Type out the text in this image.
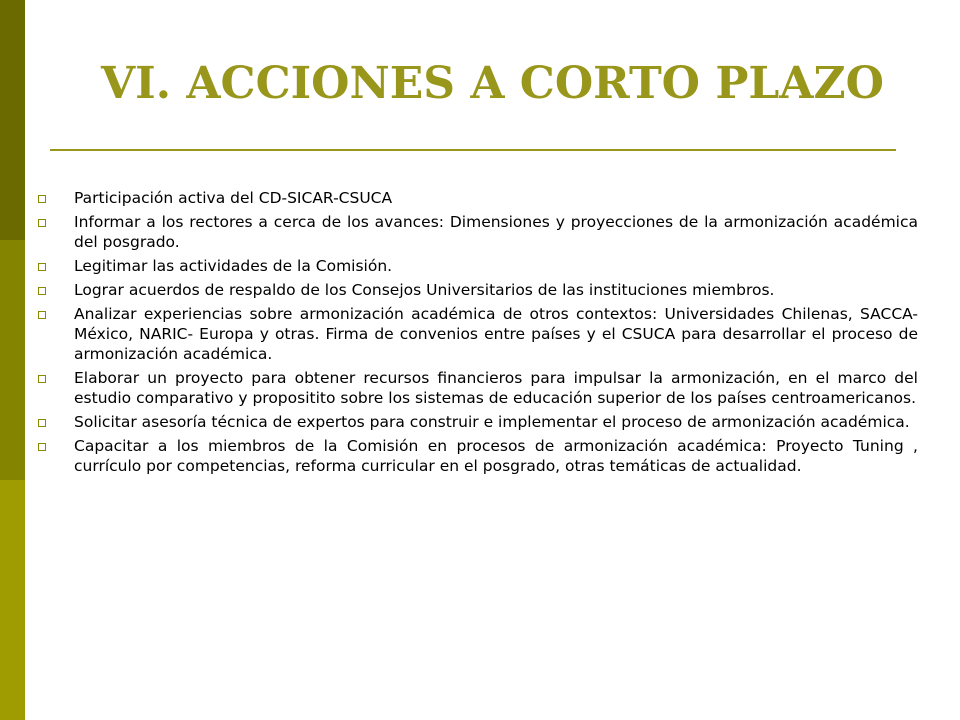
VI. ACCIONES A CORTO PLAZO
Participación activa del CD-SICAR-CSUCA
Informar a los rectores a cerca de los avances: Dimensiones y proyecciones de la armonización académica del posgrado.
Legitimar las actividades de la Comisión.
Lograr acuerdos de respaldo de los Consejos Universitarios de las instituciones miembros.
Analizar experiencias sobre armonización académica de otros contextos: Universidades Chilenas, SACCA- México, NARIC- Europa y otras. Firma de convenios entre países y el CSUCA para desarrollar el proceso de armonización académica.
Elaborar un proyecto para obtener recursos financieros para impulsar la armonización, en el marco del estudio comparativo y propositito sobre los sistemas de educación superior de los países centroamericanos.
Solicitar asesoría técnica de expertos para construir e implementar el proceso de armonización académica.
Capacitar a los miembros de la Comisión en procesos de armonización académica: Proyecto Tuning , currículo por competencias, reforma curricular en el posgrado, otras temáticas de actualidad.
